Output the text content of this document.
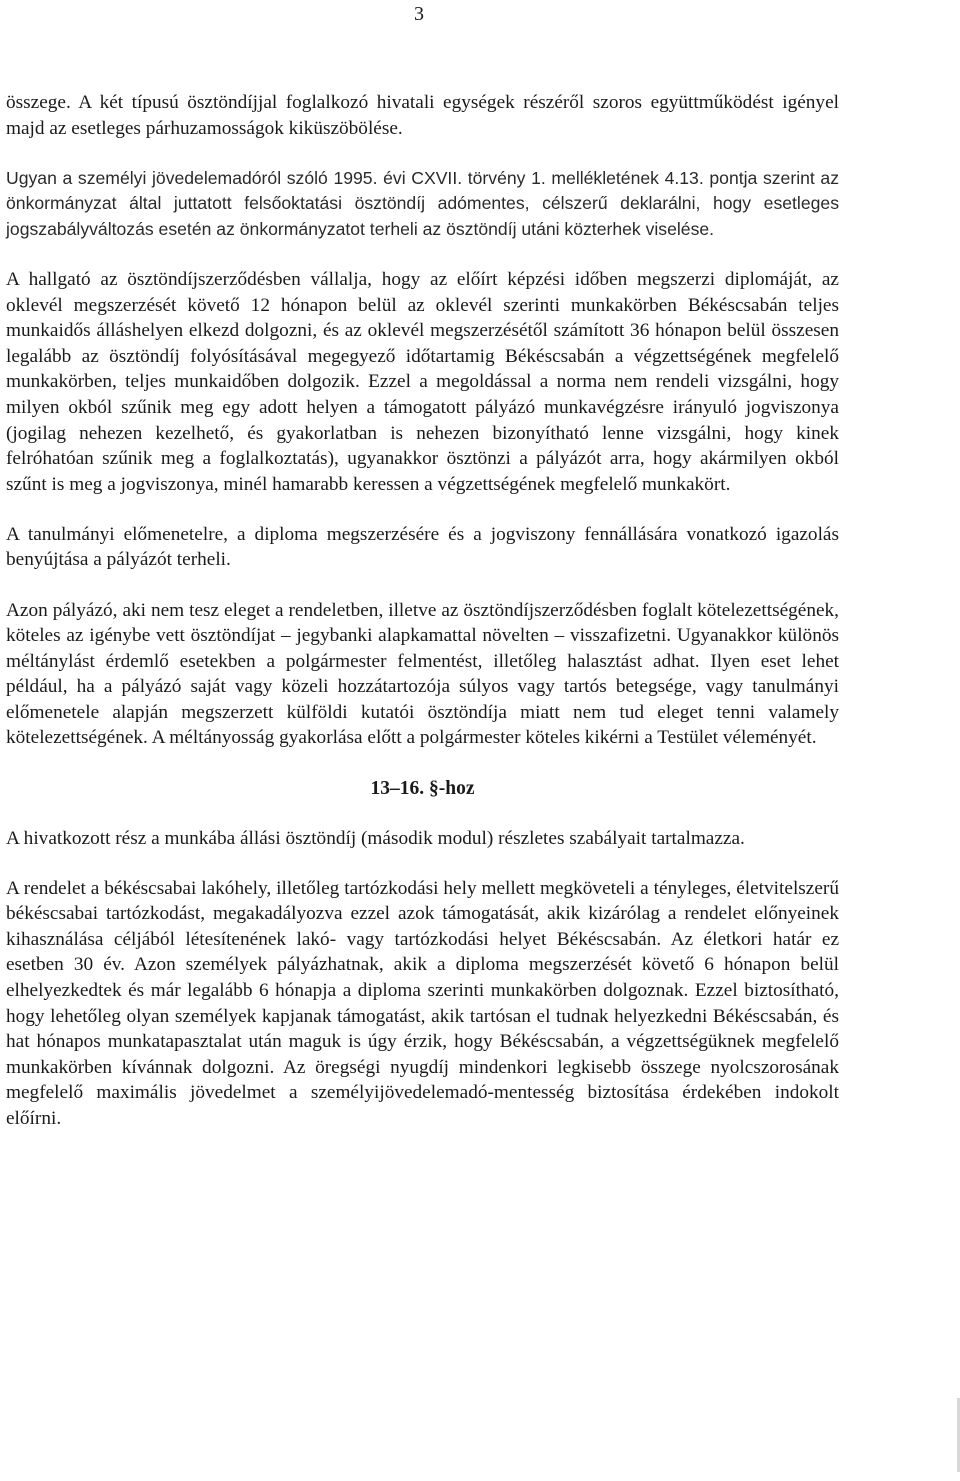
3

összege. A két típusú ösztöndíjjal foglalkozó hivatali egységek részéről szoros együttműködést igényel majd az esetleges párhuzamosságok kiküszöbölése.

Ugyan a személyi jövedelemadóról szóló 1995. évi CXVII. törvény 1. mellékletének 4.13. pontja szerint az önkormányzat által juttatott felsőoktatási ösztöndíj adómentes, célszerű deklarálni, hogy esetleges jogszabályváltozás esetén az önkormányzatot terheli az ösztöndíj utáni közterhek viselése.

A hallgató az ösztöndíjszerződésben vállalja, hogy az előírt képzési időben megszerzi diplomáját, az oklevél megszerzését követő 12 hónapon belül az oklevél szerinti munkakörben Békéscsabán teljes munkaidős álláshelyen elkezd dolgozni, és az oklevél megszerzésétől számított 36 hónapon belül összesen legalább az ösztöndíj folyósításával megegyező időtartamig Békéscsabán a végzettségének megfelelő munkakörben, teljes munkaidőben dolgozik. Ezzel a megoldással a norma nem rendeli vizsgálni, hogy milyen okból szűnik meg egy adott helyen a támogatott pályázó munkavégzésre irányuló jogviszonya (jogilag nehezen kezelhető, és gyakorlatban is nehezen bizonyítható lenne vizsgálni, hogy kinek felróhatóan szűnik meg a foglalkoztatás), ugyanakkor ösztönzi a pályázót arra, hogy akármilyen okból szűnt is meg a jogviszonya, minél hamarabb keressen a végzettségének megfelelő munkakört.

A tanulmányi előmenetelre, a diploma megszerzésére és a jogviszony fennállására vonatkozó igazolás benyújtása a pályázót terheli.

Azon pályázó, aki nem tesz eleget a rendeletben, illetve az ösztöndíjszerződésben foglalt kötelezettségének, köteles az igénybe vett ösztöndíjat – jegybanki alapkamattal növelten – visszafizetni. Ugyanakkor különös méltánylást érdemlő esetekben a polgármester felmentést, illetőleg halasztást adhat. Ilyen eset lehet például, ha a pályázó saját vagy közeli hozzátartozója súlyos vagy tartós betegsége, vagy tanulmányi előmenetele alapján megszerzett külföldi kutatói ösztöndíja miatt nem tud eleget tenni valamely kötelezettségének. A méltányosság gyakorlása előtt a polgármester köteles kikérni a Testület véleményét.

13–16. §-hoz

A hivatkozott rész a munkába állási ösztöndíj (második modul) részletes szabályait tartalmazza.

A rendelet a békéscsabai lakóhely, illetőleg tartózkodási hely mellett megköveteli a tényleges, életvitelszerű békéscsabai tartózkodást, megakadályozva ezzel azok támogatását, akik kizárólag a rendelet előnyeinek kihasználása céljából létesítenének lakó- vagy tartózkodási helyet Békéscsabán. Az életkori határ ez esetben 30 év. Azon személyek pályázhatnak, akik a diploma megszerzését követő 6 hónapon belül elhelyezkedtek és már legalább 6 hónapja a diploma szerinti munkakörben dolgoznak. Ezzel biztosítható, hogy lehetőleg olyan személyek kapjanak támogatást, akik tartósan el tudnak helyezkedni Békéscsabán, és hat hónapos munkatapasztalat után maguk is úgy érzik, hogy Békéscsabán, a végzettségüknek megfelelő munkakörben kívánnak dolgozni. Az öregségi nyugdíj mindenkori legkisebb összege nyolcszorosának megfelelő maximális jövedelmet a személyijövedelemadó-mentesség biztosítása érdekében indokolt előírni.
